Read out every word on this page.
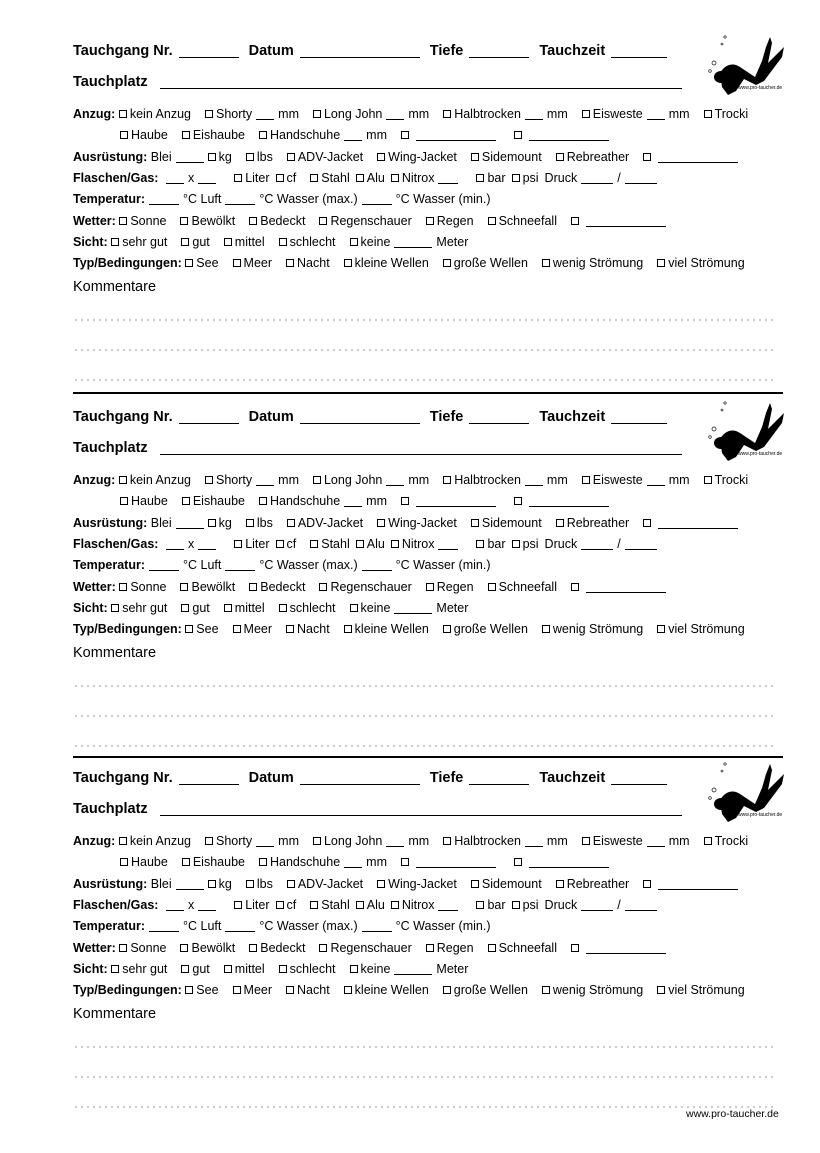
Tauchgang Nr.	Datum	Tiefe	Tauchzeit
Tauchplatz	www.pro-taucher.de
Anzug: kein Anzug Shorty mm Long John mm Halbtrocken mm Eisweste mm Trocki
Haube Eishaube Handschuhe mm
Ausrüstung: Blei	kg lbs ADV-Jacket Wing-Jacket Sidemount Rebreather
Flaschen/Gas: x	Liter cf Stahl Alu Nitrox	bar psi Druck	/
Temperatur:	°C Luft	°C Wasser (max.)	°C Wasser (min.)
Wetter: Sonne Bewölkt Bedeckt Regenschauer Regen Schneefall
Sicht: sehr gut gut mittel schlecht keine	Meter
Typ/Bedingungen: See Meer Nacht kleine Wellen große Wellen wenig Strömung viel Strömung
Kommentare
Tauchgang Nr.	Datum	Tiefe	Tauchzeit
Tauchplatz	www.pro-taucher.de
Anzug: kein Anzug Shorty mm Long John mm Halbtrocken mm Eisweste mm Trocki
Haube Eishaube Handschuhe mm
Ausrüstung: Blei	kg lbs ADV-Jacket Wing-Jacket Sidemount Rebreather
Flaschen/Gas: x	Liter cf Stahl Alu Nitrox	bar psi Druck	/
Temperatur:	°C Luft	°C Wasser (max.)	°C Wasser (min.)
Wetter: Sonne Bewölkt Bedeckt Regenschauer Regen Schneefall
Sicht: sehr gut gut mittel schlecht keine	Meter
Typ/Bedingungen: See Meer Nacht kleine Wellen große Wellen wenig Strömung viel Strömung
Kommentare
Tauchgang Nr.	Datum	Tiefe	Tauchzeit
Tauchplatz	www.pro-taucher.de
Anzug: kein Anzug Shorty mm Long John mm Halbtrocken mm Eisweste mm Trocki
Haube Eishaube Handschuhe mm
Ausrüstung: Blei	kg lbs ADV-Jacket Wing-Jacket Sidemount Rebreather
Flaschen/Gas: x	Liter cf Stahl Alu Nitrox	bar psi Druck	/
Temperatur:	°C Luft	°C Wasser (max.)	°C Wasser (min.)
Wetter: Sonne Bewölkt Bedeckt Regenschauer Regen Schneefall
Sicht: sehr gut gut mittel schlecht keine	Meter
Typ/Bedingungen: See Meer Nacht kleine Wellen große Wellen wenig Strömung viel Strömung
Kommentare
www.pro-taucher.de
